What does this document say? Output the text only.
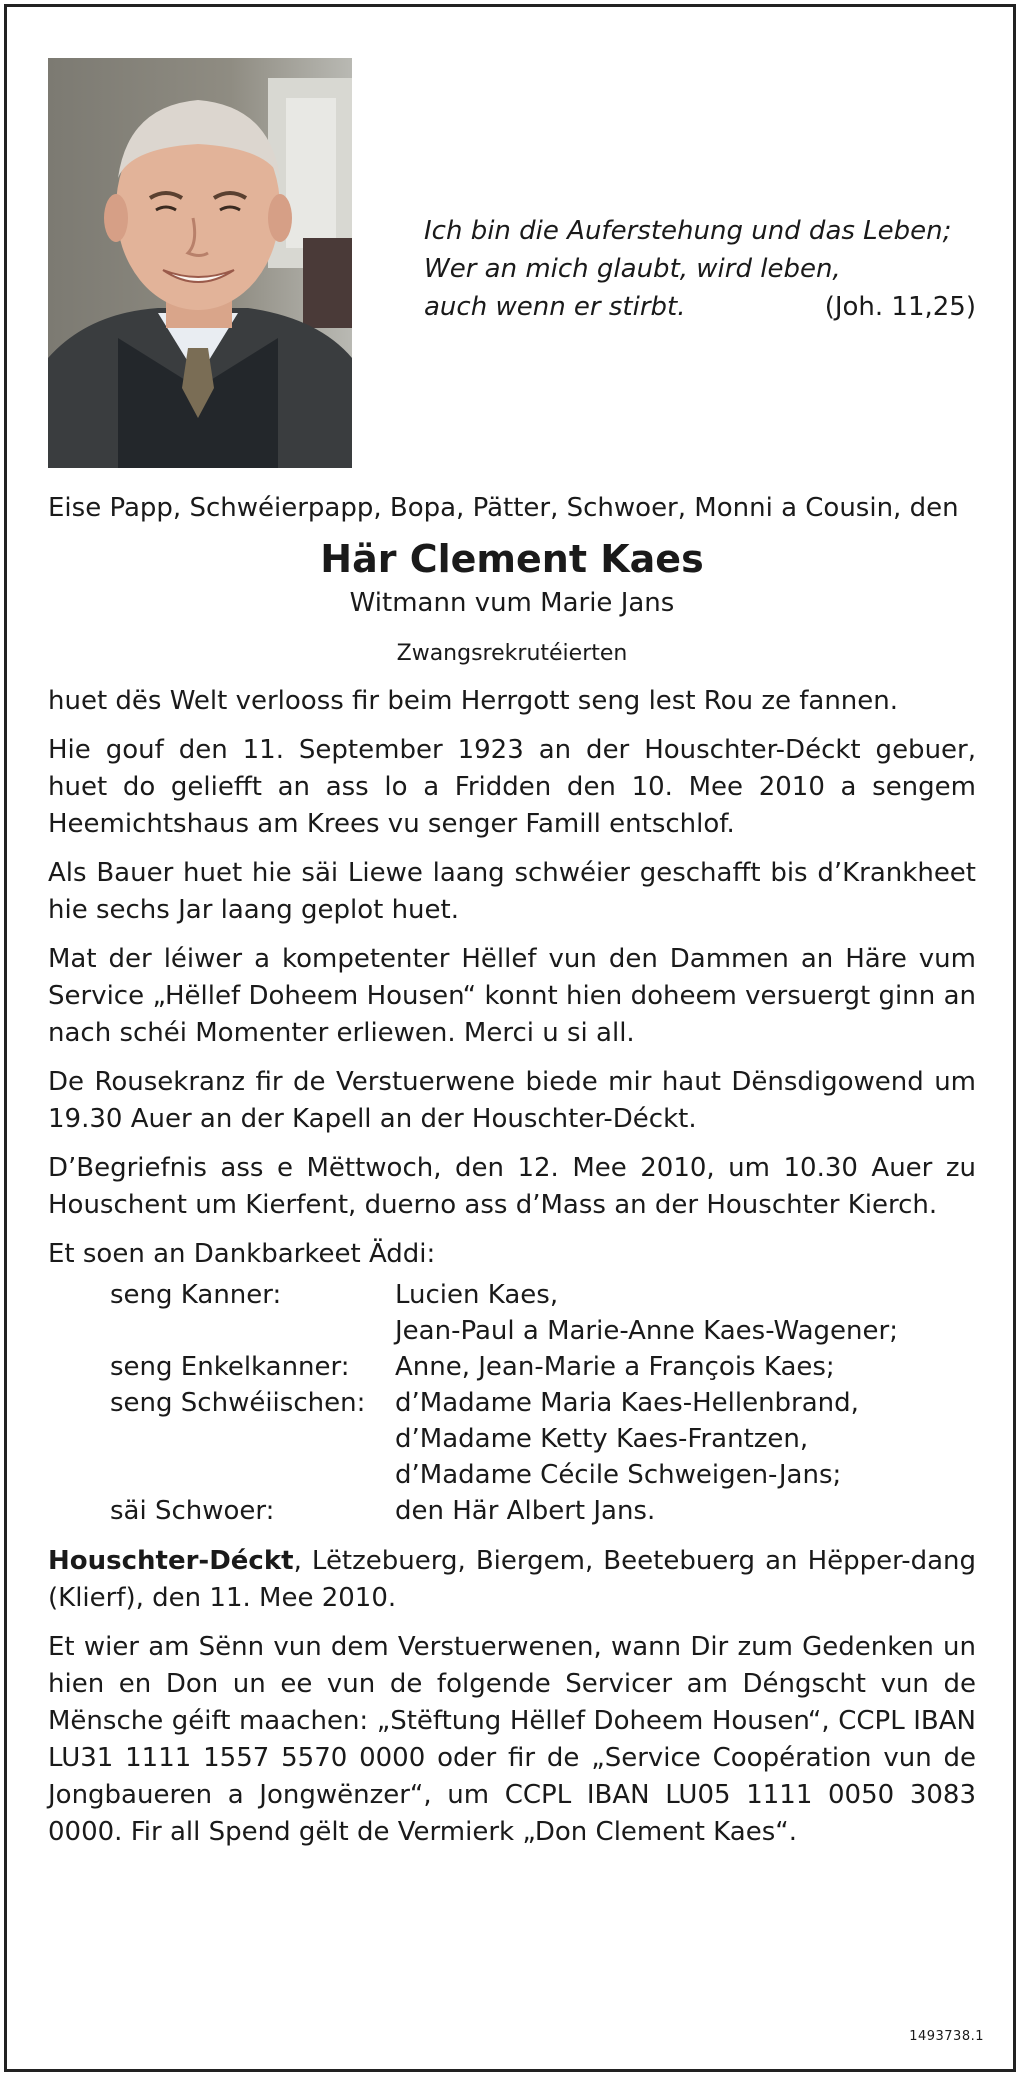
Ich bin die Auferstehung und das Leben;
Wer an mich glaubt, wird leben,
auch wenn er stirbt.	(Joh. 11,25)

Eise Papp, Schwéierpapp, Bopa, Pätter, Schwoer, Monni a Cousin, den

Här Clement Kaes

Witmann vum Marie Jans

Zwangsrekrutéierten

huet dës Welt verlooss fir beim Herrgott seng lest Rou ze fannen.

Hie gouf den 11. September 1923 an der Houschter-Déckt gebuer, huet do geliefft an ass lo a Fridden den 10. Mee 2010 a sengem Heemichtshaus am Krees vu senger Famill entschlof.

Als Bauer huet hie säi Liewe laang schwéier geschafft bis d’Krankheet hie sechs Jar laang geplot huet.

Mat der léiwer a kompetenter Hëllef vun den Dammen an Häre vum Service „Hëllef Doheem Housen“ konnt hien doheem versuergt ginn an nach schéi Momenter erliewen. Merci u si all.

De Rousekranz fir de Verstuerwene biede mir haut Dënsdigowend um 19.30 Auer an der Kapell an der Houschter-Déckt.

D’Begriefnis ass e Mëttwoch, den 12. Mee 2010, um 10.30 Auer zu Houschent um Kierfent, duerno ass d’Mass an der Houschter Kierch.

Et soen an Dankbarkeet Äddi:

seng Kanner:	Lucien Kaes,
Jean-Paul a Marie-Anne Kaes-Wagener;
seng Enkelkanner:	Anne, Jean-Marie a François Kaes;
seng Schwéiischen:	d’Madame Maria Kaes-Hellenbrand,
d’Madame Ketty Kaes-Frantzen,
d’Madame Cécile Schweigen-Jans;
säi Schwoer:	den Här Albert Jans.

Houschter-Déckt, Lëtzebuerg, Biergem, Beetebuerg an Hëpper-dang (Klierf), den 11. Mee 2010.

Et wier am Sënn vun dem Verstuerwenen, wann Dir zum Gedenken un hien en Don un ee vun de folgende Servicer am Déngscht vun de Mënsche géift maachen: „Stëftung Hëllef Doheem Housen“, CCPL IBAN LU31 1111 1557 5570 0000 oder fir de „Service Coopération vun de Jongbaueren a Jongwënzer“, um CCPL IBAN LU05 1111 0050 3083 0000. Fir all Spend gëlt de Vermierk „Don Clement Kaes“.

1493738.1
